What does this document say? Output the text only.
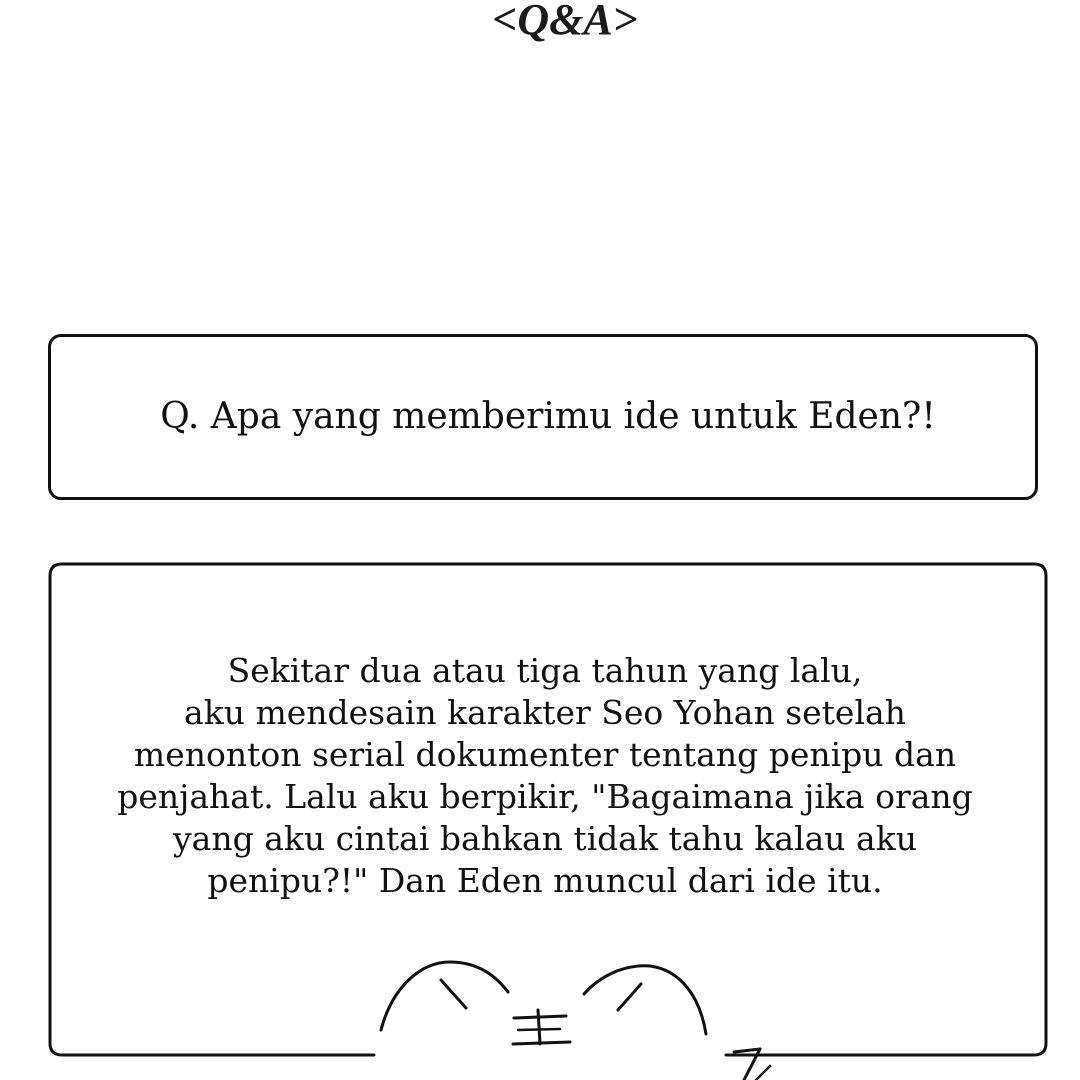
<Q&A>
Q. Apa yang memberimu ide untuk Eden?!
Sekitar dua atau tiga tahun yang lalu,
aku mendesain karakter Seo Yohan setelah
menonton serial dokumenter tentang penipu dan
penjahat. Lalu aku berpikir, "Bagaimana jika orang
yang aku cintai bahkan tidak tahu kalau aku
penipu?!" Dan Eden muncul dari ide itu.
